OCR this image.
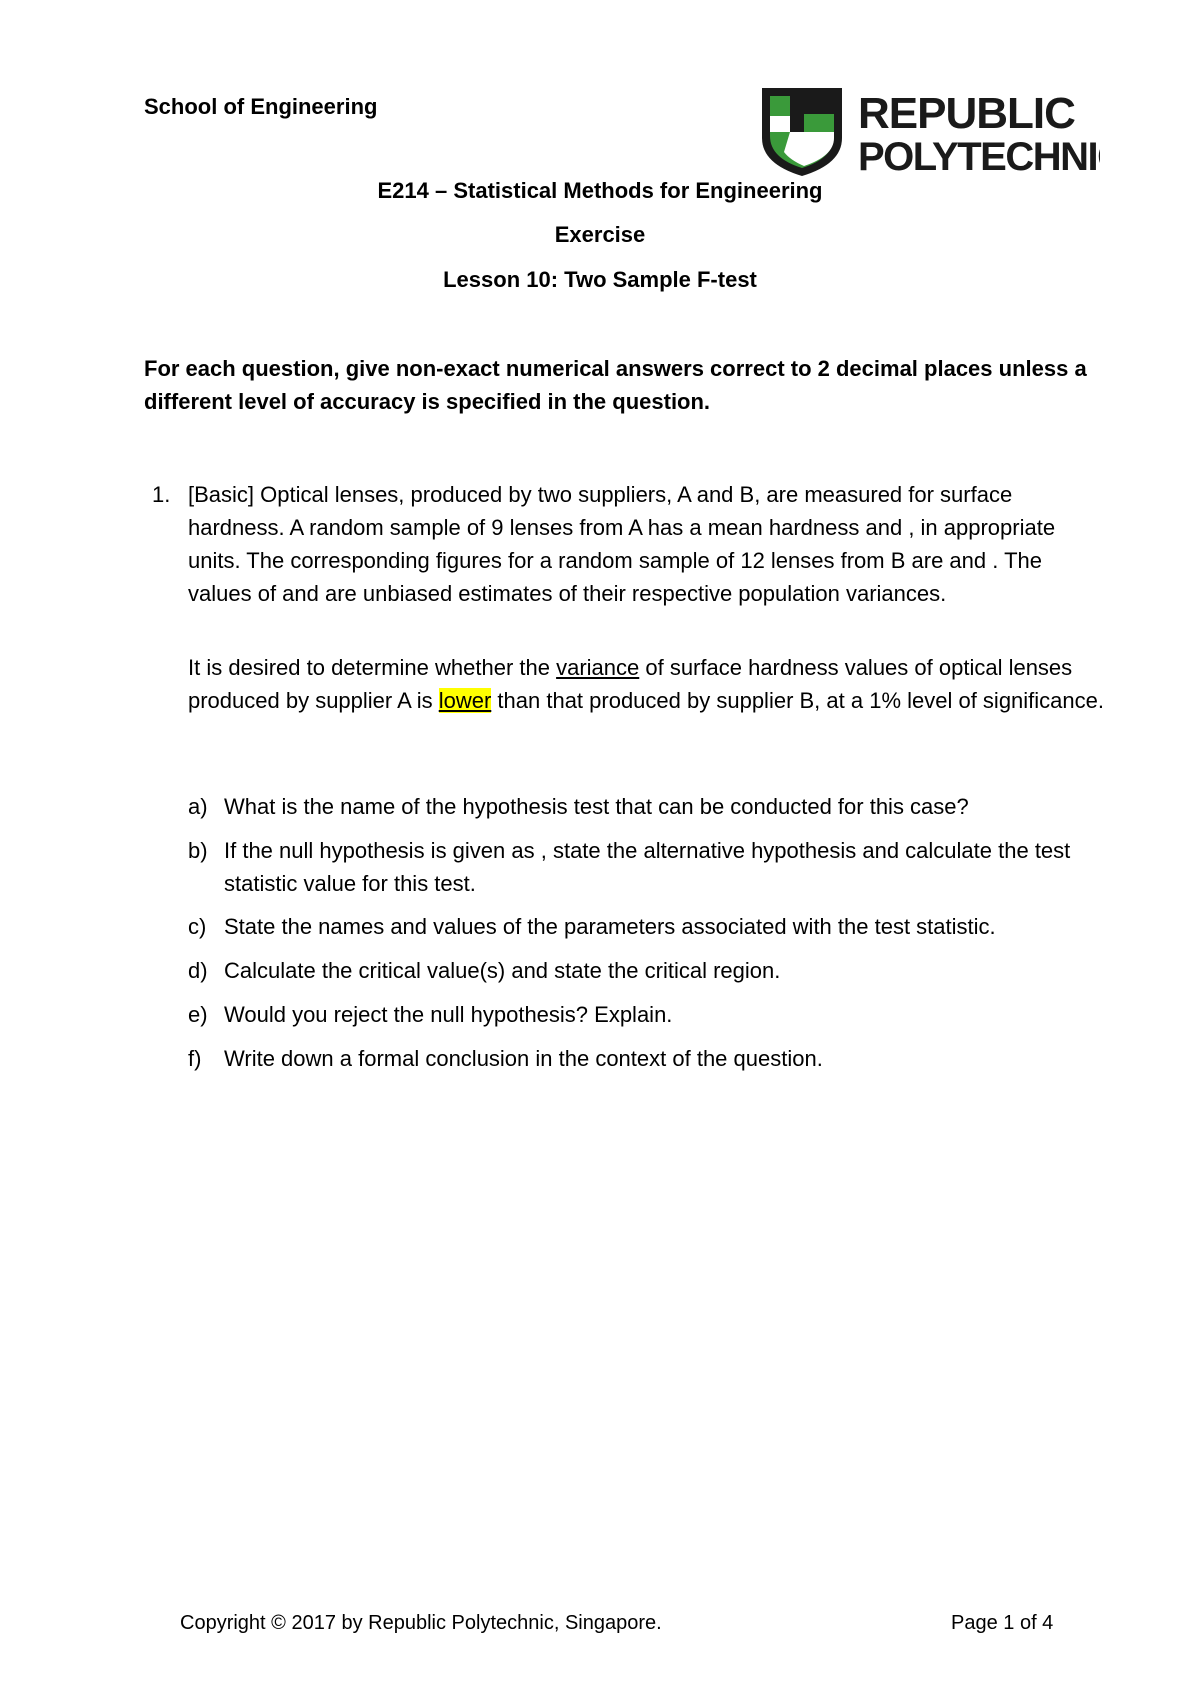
School of Engineering	REPUBLIC
POLYTECHNIC
E214 – Statistical Methods for Engineering
Exercise
Lesson 10: Two Sample F-test
For each question, give non-exact numerical answers correct to 2 decimal places unless a different level of accuracy is specified in the question.
1. [Basic] Optical lenses, produced by two suppliers, A and B, are measured for surface hardness. A random sample of 9 lenses from A has a mean hardness and , in appropriate units. The corresponding figures for a random sample of 12 lenses from B are and . The values of and are unbiased estimates of their respective population variances.
It is desired to determine whether the variance of surface hardness values of optical lenses produced by supplier A is lower than that produced by supplier B, at a 1% level of significance.
a) What is the name of the hypothesis test that can be conducted for this case?
b) If the null hypothesis is given as , state the alternative hypothesis and calculate the test statistic value for this test.
c) State the names and values of the parameters associated with the test statistic.
d) Calculate the critical value(s) and state the critical region.
e) Would you reject the null hypothesis? Explain.
f)	Write down a formal conclusion in the context of the question.
Copyright © 2017 by Republic Polytechnic, Singapore.	Page 1 of 4
